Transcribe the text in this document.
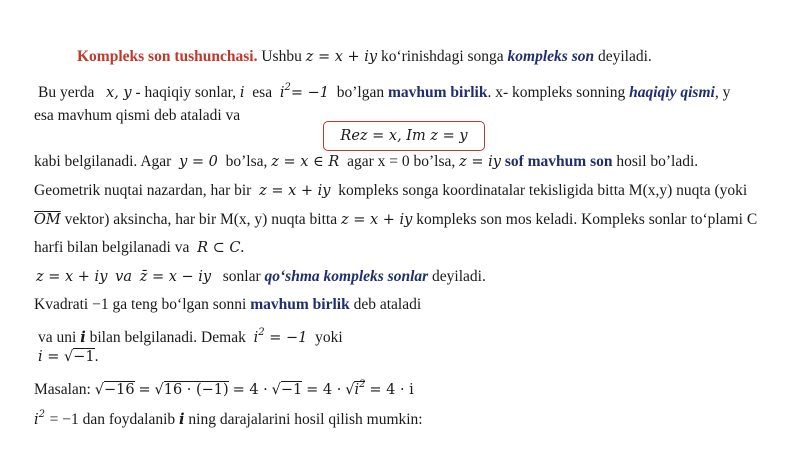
Kompleks son tushunchasi. Ushbu z = x + iy ko‘rinishdagi songa kompleks son deyiladi.
Bu yerda x, y - haqiqiy sonlar, i esa $i^2= -1$ bo’lgan mavhum birlik. x- kompleks sonning haqiqiy qismi, y
esa mavhum qismi deb ataladi va
Rez = x, Im z = y
kabi belgilanadi. Agar y = 0 bo’lsa, z = x ∈ R agar x = 0 bo’lsa, z = iy sof mavhum son hosil bo’ladi.
Geometrik nuqtai nazardan, har bir z = x + iy kompleks songa koordinatalar tekisligida bitta M(x,y) nuqta (yoki
$\overline{OM}$ vektor) aksincha, har bir M(x, y) nuqta bitta z = x + iy kompleks son mos keladi. Kompleks sonlar to‘plami C
harfi bilan belgilanadi va R ⊂ C.
z = x + iy va z̄ = x − iy sonlar qo‘shma kompleks sonlar deyiladi.
Kvadrati −1 ga teng bo‘lgan sonni mavhum birlik deb ataladi
va uni i bilan belgilanadi. Demak $i^2 = -1$ yoki
i = √−1.
Masalan: $√-16 = √16 \cdot (-1) = 4 \cdot √-1 = 4 \cdot √i^2 = 4 \cdot i$
$i^2 = -1$ dan foydalanib i ning darajalarini hosil qilish mumkin:
